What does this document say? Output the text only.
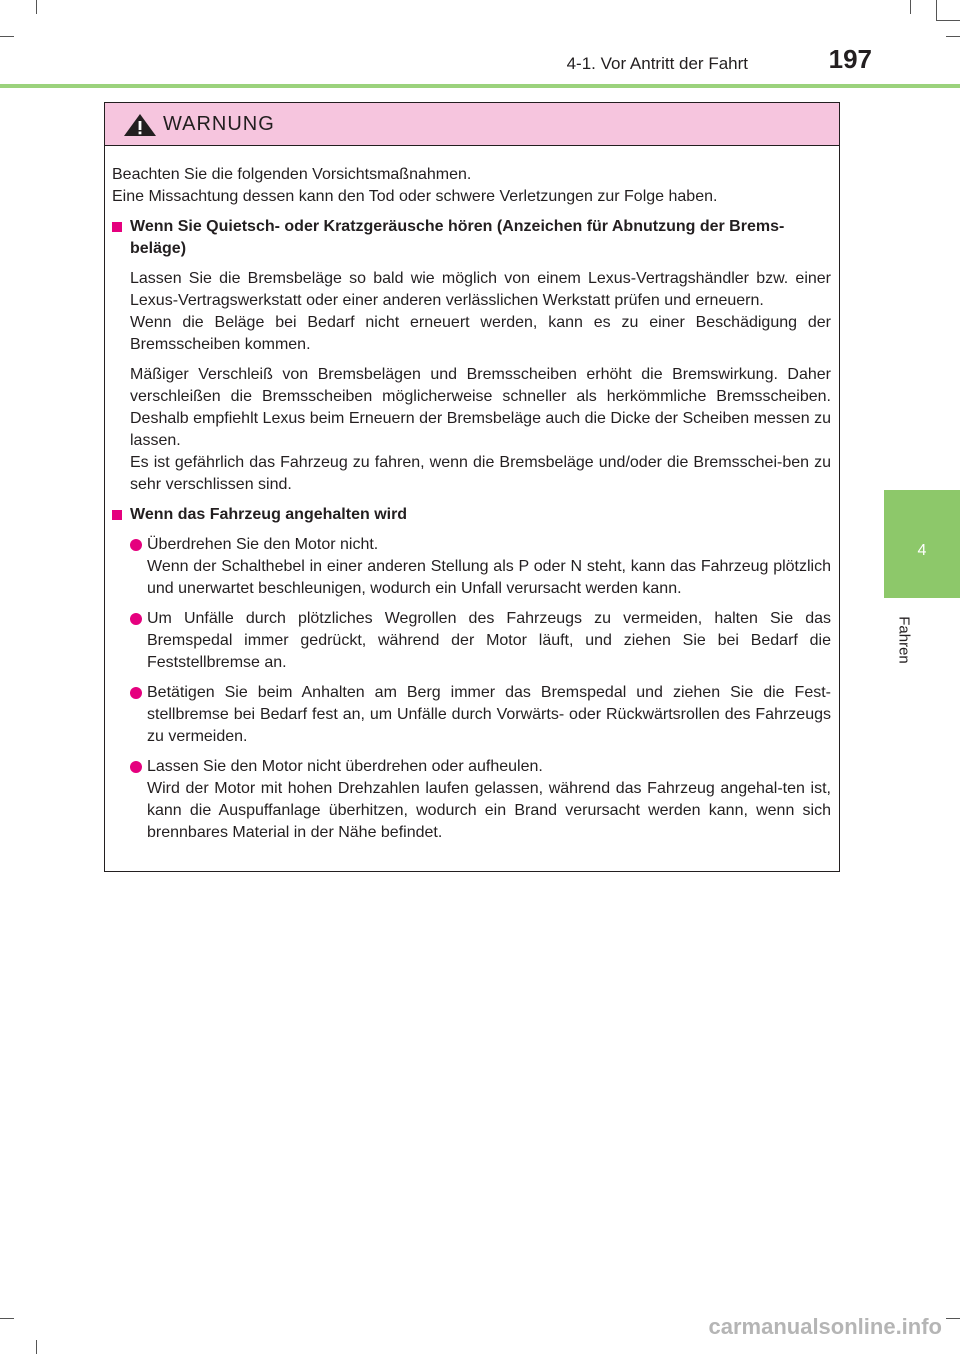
4-1. Vor Antritt der Fahrt	197
4
Fahren
WARNUNG

Beachten Sie die folgenden Vorsichtsmaßnahmen.

Eine Missachtung dessen kann den Tod oder schwere Verletzungen zur Folge haben.

Wenn Sie Quietsch- oder Kratzgeräusche hören (Anzeichen für Abnutzung der Brems-beläge)

Lassen Sie die Bremsbeläge so bald wie möglich von einem Lexus-Vertragshändler bzw. einer Lexus-Vertragswerkstatt oder einer anderen verlässlichen Werkstatt prüfen und erneuern.

Wenn die Beläge bei Bedarf nicht erneuert werden, kann es zu einer Beschädigung der Bremsscheiben kommen.

Mäßiger Verschleiß von Bremsbelägen und Bremsscheiben erhöht die Bremswirkung. Daher verschleißen die Bremsscheiben möglicherweise schneller als herkömmliche Bremsscheiben. Deshalb empfiehlt Lexus beim Erneuern der Bremsbeläge auch die Dicke der Scheiben messen zu lassen.

Es ist gefährlich das Fahrzeug zu fahren, wenn die Bremsbeläge und/oder die Bremsschei-ben zu sehr verschlissen sind.

Wenn das Fahrzeug angehalten wird

Überdrehen Sie den Motor nicht.

Wenn der Schalthebel in einer anderen Stellung als P oder N steht, kann das Fahrzeug plötzlich und unerwartet beschleunigen, wodurch ein Unfall verursacht werden kann.

Um Unfälle durch plötzliches Wegrollen des Fahrzeugs zu vermeiden, halten Sie das Bremspedal immer gedrückt, während der Motor läuft, und ziehen Sie bei Bedarf die Feststellbremse an.

Betätigen Sie beim Anhalten am Berg immer das Bremspedal und ziehen Sie die Fest-stellbremse bei Bedarf fest an, um Unfälle durch Vorwärts- oder Rückwärtsrollen des Fahrzeugs zu vermeiden.

Lassen Sie den Motor nicht überdrehen oder aufheulen.

Wird der Motor mit hohen Drehzahlen laufen gelassen, während das Fahrzeug angehal-ten ist, kann die Auspuffanlage überhitzen, wodurch ein Brand verursacht werden kann, wenn sich brennbares Material in der Nähe befindet.

carmanualsonline.info
